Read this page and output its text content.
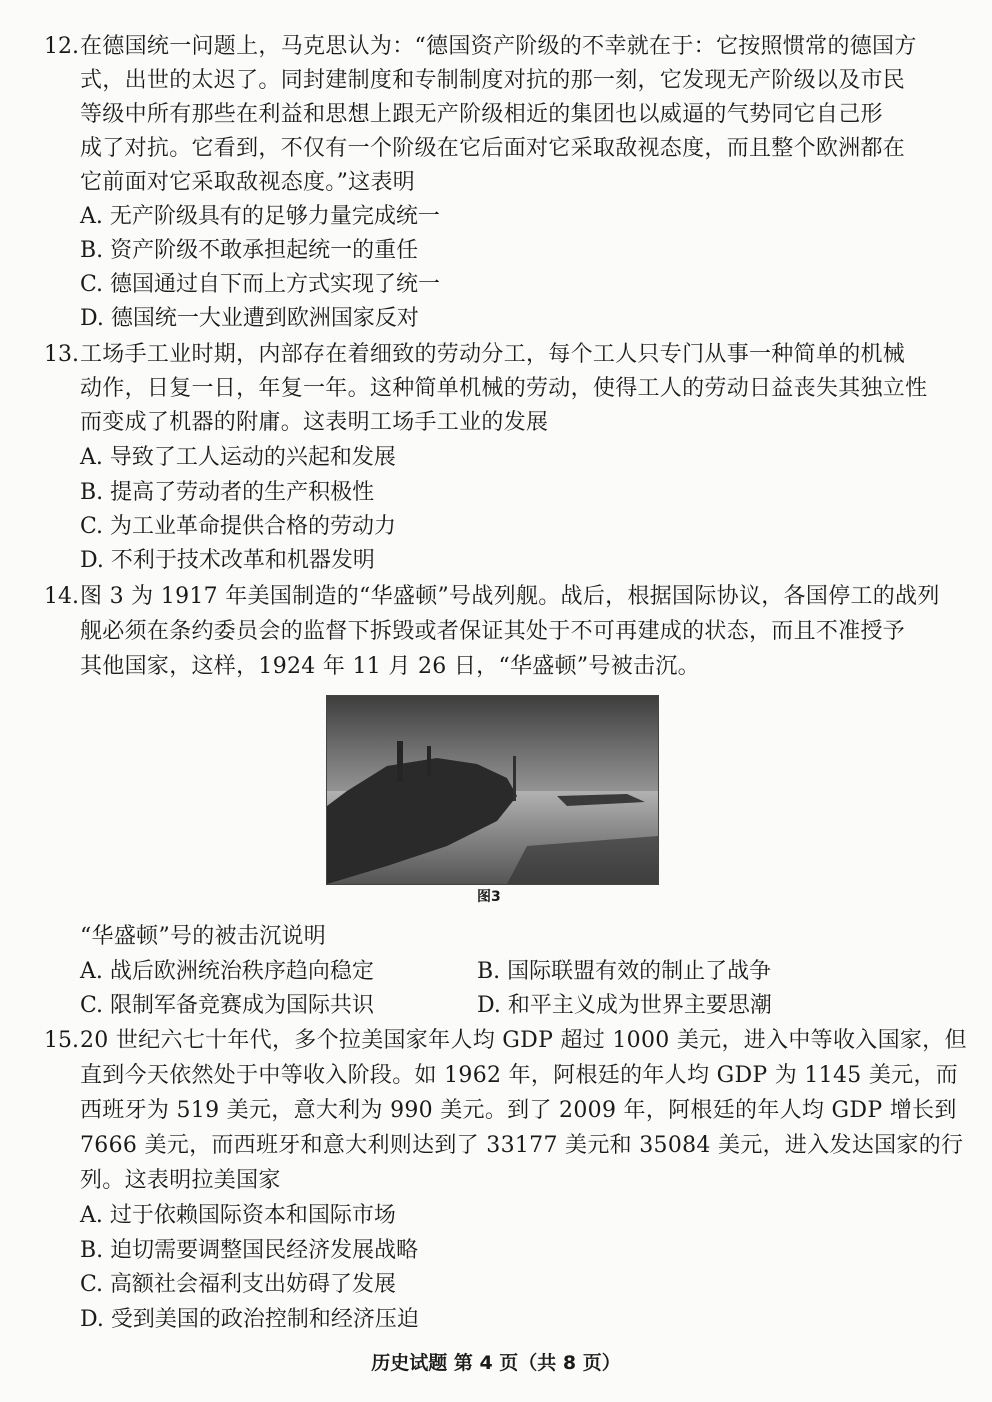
12. 在德国统一问题上，马克思认为：“德国资产阶级的不幸就在于：它按照惯常的德国方
式，出世的太迟了。同封建制度和专制制度对抗的那一刻，它发现无产阶级以及市民
等级中所有那些在利益和思想上跟无产阶级相近的集团也以威逼的气势同它自己形
成了对抗。它看到，不仅有一个阶级在它后面对它采取敌视态度，而且整个欧洲都在
它前面对它采取敌视态度。”这表明
A. 无产阶级具有的足够力量完成统一
B. 资产阶级不敢承担起统一的重任
C. 德国通过自下而上方式实现了统一
D. 德国统一大业遭到欧洲国家反对
13. 工场手工业时期，内部存在着细致的劳动分工，每个工人只专门从事一种简单的机械
动作，日复一日，年复一年。这种简单机械的劳动，使得工人的劳动日益丧失其独立性
而变成了机器的附庸。这表明工场手工业的发展
A. 导致了工人运动的兴起和发展
B. 提高了劳动者的生产积极性
C. 为工业革命提供合格的劳动力
D. 不利于技术改革和机器发明
14. 图 3 为 1917 年美国制造的“华盛顿”号战列舰。战后，根据国际协议，各国停工的战列
舰必须在条约委员会的监督下拆毁或者保证其处于不可再建成的状态，而且不准授予
其他国家，这样，1924 年 11 月 26 日，“华盛顿”号被击沉。
图3
“华盛顿”号的被击沉说明
A. 战后欧洲统治秩序趋向稳定	B. 国际联盟有效的制止了战争
C. 限制军备竞赛成为国际共识	D. 和平主义成为世界主要思潮
15. 20 世纪六七十年代，多个拉美国家年人均 GDP 超过 1000 美元，进入中等收入国家，但
直到今天依然处于中等收入阶段。如 1962 年，阿根廷的年人均 GDP 为 1145 美元，而
西班牙为 519 美元，意大利为 990 美元。到了 2009 年，阿根廷的年人均 GDP 增长到
7666 美元，而西班牙和意大利则达到了 33177 美元和 35084 美元，进入发达国家的行
列。这表明拉美国家
A. 过于依赖国际资本和国际市场
B. 迫切需要调整国民经济发展战略
C. 高额社会福利支出妨碍了发展
D. 受到美国的政治控制和经济压迫
历史试题 第 4 页（共 8 页）
